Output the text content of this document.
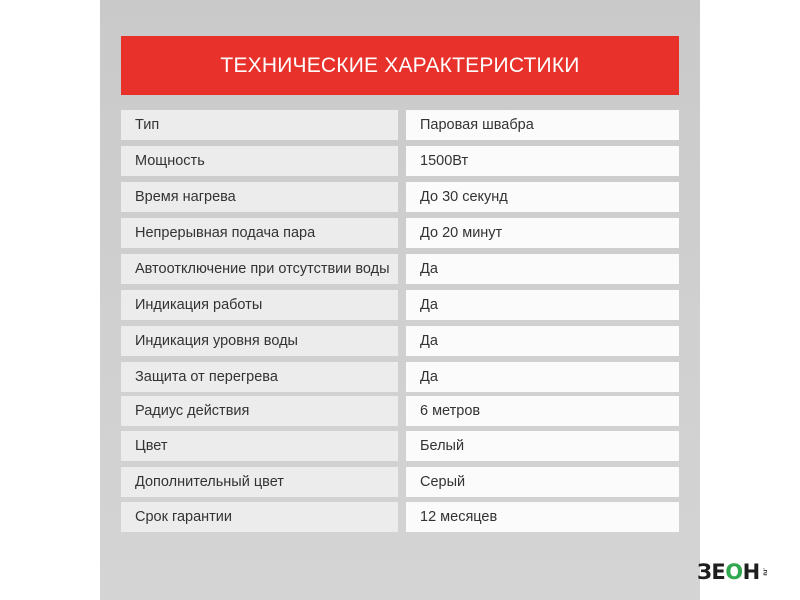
ТЕХНИЧЕСКИЕ ХАРАКТЕРИСТИКИ
Тип	Паровая швабра
Мощность	1500Вт
Время нагрева	До 30 секунд
Непрерывная подача пара	До 20 минут
Автоотключение при отсутствии воды	Да
Индикация работы	Да
Индикация уровня воды	Да
Защита от перегрева	Да
Радиус действия	6 метров
Цвет	Белый
Дополнительный цвет	Серый
Срок гарантии	12 месяцев
ЗЕОН .ru
